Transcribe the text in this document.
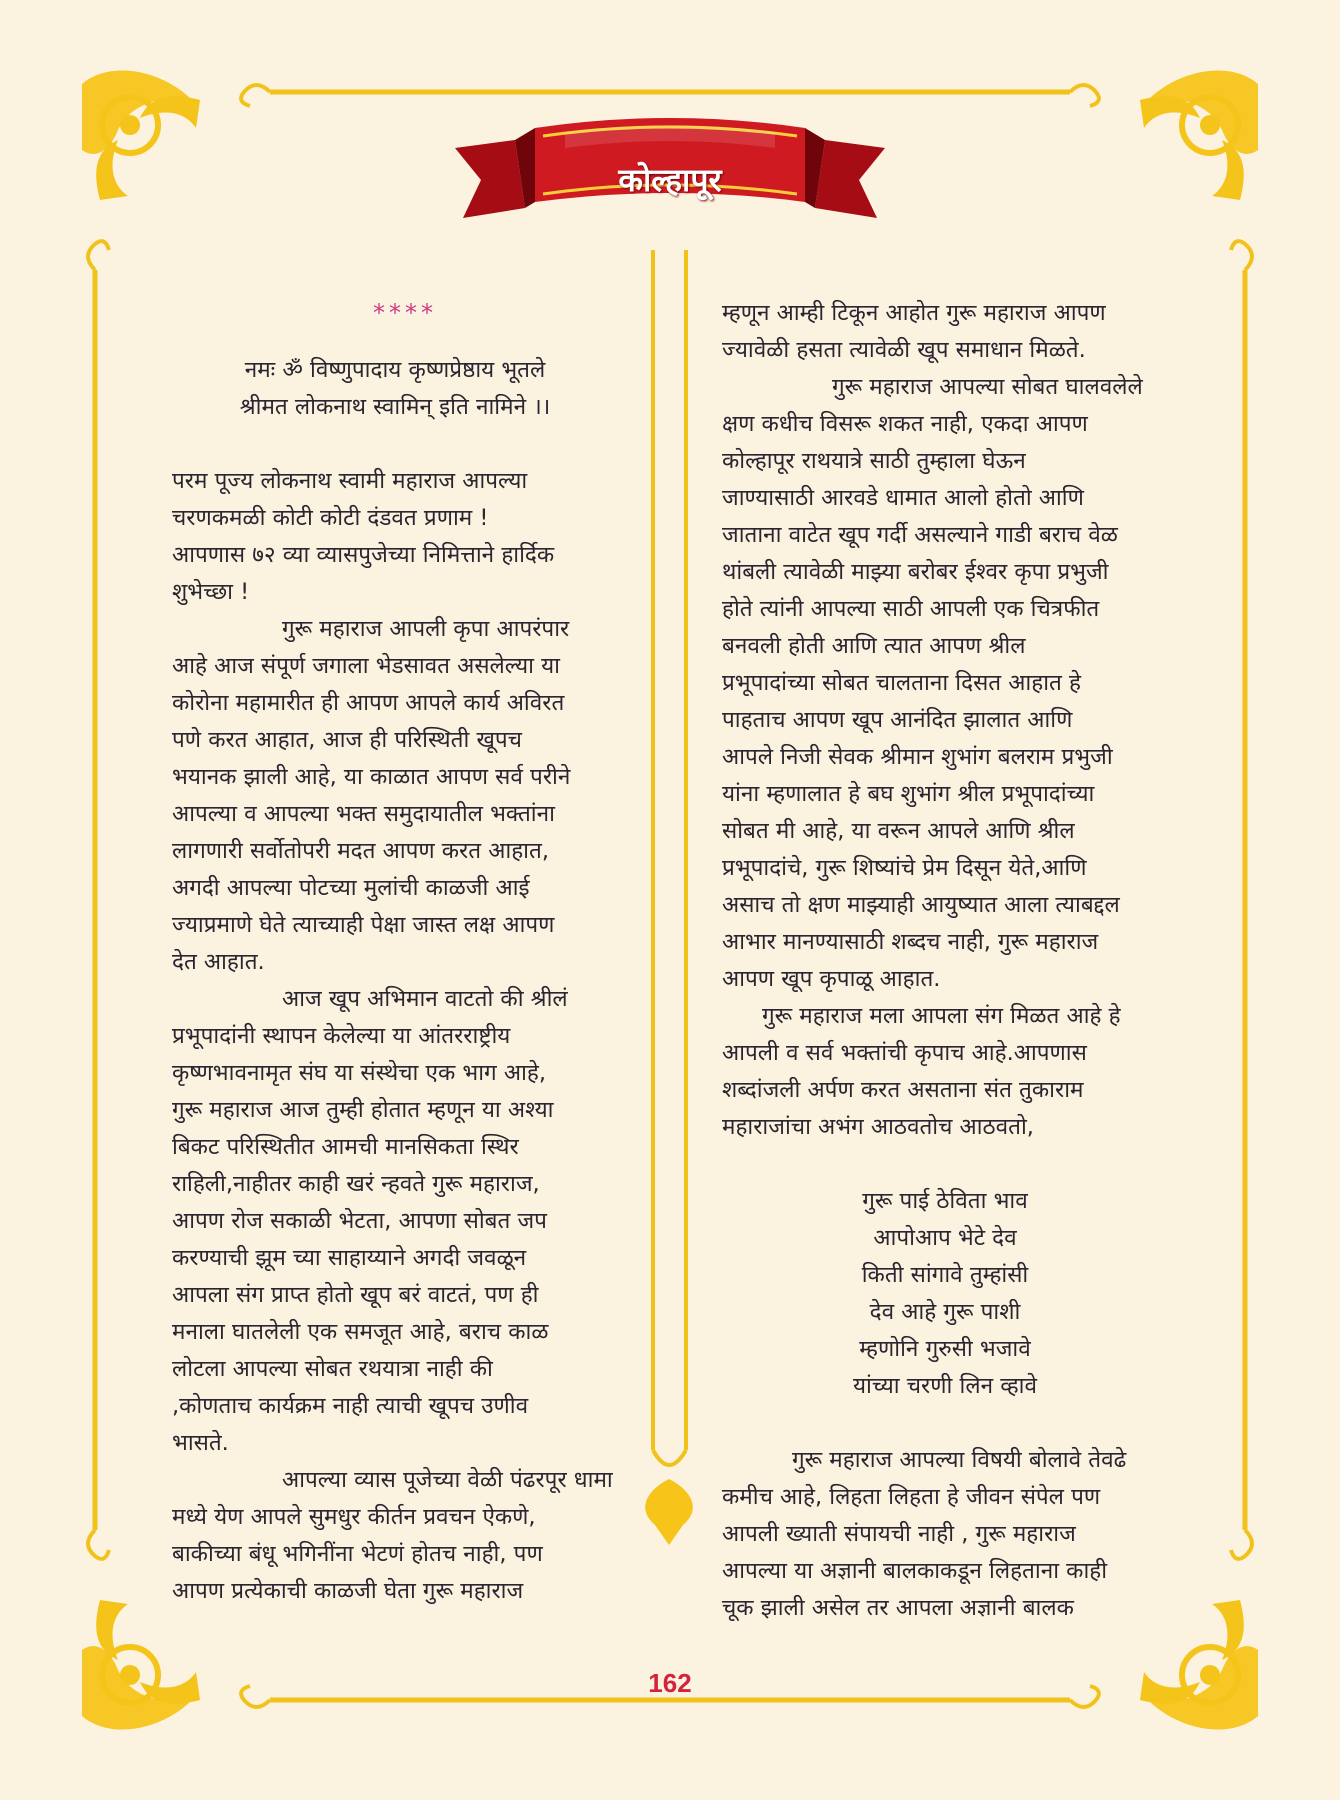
कोल्हापूर
****

नमः ॐ विष्णुपादाय कृष्णप्रेष्ठाय भूतले

श्रीमत लोकनाथ स्वामिन् इति नामिने ।।

परम पूज्य लोकनाथ स्वामी महाराज आपल्या

चरणकमळी कोटी कोटी दंडवत प्रणाम !

आपणास ७२ व्या व्यासपुजेच्या निमित्ताने हार्दिक

शुभेच्छा !

गुरू महाराज आपली कृपा आपरंपार

आहे आज संपूर्ण जगाला भेडसावत असलेल्या या

कोरोना महामारीत ही आपण आपले कार्य अविरत

पणे करत आहात, आज ही परिस्थिती खूपच

भयानक झाली आहे, या काळात आपण सर्व परीने

आपल्या व आपल्या भक्त समुदायातील भक्तांना

लागणारी सर्वोतोपरी मदत आपण करत आहात,

अगदी आपल्या पोटच्या मुलांची काळजी आई

ज्याप्रमाणे घेते त्याच्याही पेक्षा जास्त लक्ष आपण

देत आहात.

आज खूप अभिमान वाटतो की श्रीलं

प्रभूपादांनी स्थापन केलेल्या या आंतरराष्ट्रीय

कृष्णभावनामृत संघ या संस्थेचा एक भाग आहे,

गुरू महाराज आज तुम्ही होतात म्हणून या अश्या

बिकट परिस्थितीत आमची मानसिकता स्थिर

राहिली,नाहीतर काही खरं न्हवते गुरू महाराज,

आपण रोज सकाळी भेटता, आपणा सोबत जप

करण्याची झूम च्या साहाय्याने अगदी जवळून

आपला संग प्राप्त होतो खूप बरं वाटतं, पण ही

मनाला घातलेली एक समजूत आहे, बराच काळ

लोटला आपल्या सोबत रथयात्रा नाही की

,कोणताच कार्यक्रम नाही त्याची खूपच उणीव

भासते.

आपल्या व्यास पूजेच्या वेळी पंढरपूर धामा

मध्ये येण आपले सुमधुर कीर्तन प्रवचन ऐकणे,

बाकीच्या बंधू भगिनींना भेटणं होतच नाही, पण

आपण प्रत्येकाची काळजी घेता गुरू महाराज

म्हणून आम्ही टिकून आहोत गुरू महाराज आपण

ज्यावेळी हसता त्यावेळी खूप समाधान मिळते.

गुरू महाराज आपल्या सोबत घालवलेले

क्षण कधीच विसरू शकत नाही, एकदा आपण

कोल्हापूर राथयात्रे साठी तुम्हाला घेऊन

जाण्यासाठी आरवडे धामात आलो होतो आणि

जाताना वाटेत खूप गर्दी असल्याने गाडी बराच वेळ

थांबली त्यावेळी माझ्या बरोबर ईश्वर कृपा प्रभुजी

होते त्यांनी आपल्या साठी आपली एक चित्रफीत

बनवली होती आणि त्यात आपण श्रील

प्रभूपादांच्या सोबत चालताना दिसत आहात हे

पाहताच आपण खूप आनंदित झालात आणि

आपले निजी सेवक श्रीमान शुभांग बलराम प्रभुजी

यांना म्हणालात हे बघ शुभांग श्रील प्रभूपादांच्या

सोबत मी आहे, या वरून आपले आणि श्रील

प्रभूपादांचे, गुरू शिष्यांचे प्रेम दिसून येते,आणि

असाच तो क्षण माझ्याही आयुष्यात आला त्याबद्दल

आभार मानण्यासाठी शब्दच नाही, गुरू महाराज

आपण खूप कृपाळू आहात.

गुरू महाराज मला आपला संग मिळत आहे हे

आपली व सर्व भक्तांची कृपाच आहे.आपणास

शब्दांजली अर्पण करत असताना संत तुकाराम

महाराजांचा अभंग आठवतोच आठवतो,

गुरू पाई ठेविता भाव

आपोआप भेटे देव

किती सांगावे तुम्हांसी

देव आहे गुरू पाशी

म्हणोनि गुरुसी भजावे

यांच्या चरणी लिन व्हावे

गुरू महाराज आपल्या विषयी बोलावे तेवढे

कमीच आहे, लिहता लिहता हे जीवन संपेल पण

आपली ख्याती संपायची नाही , गुरू महाराज

आपल्या या अज्ञानी बालकाकडून लिहताना काही

चूक झाली असेल तर आपला अज्ञानी बालक

162
